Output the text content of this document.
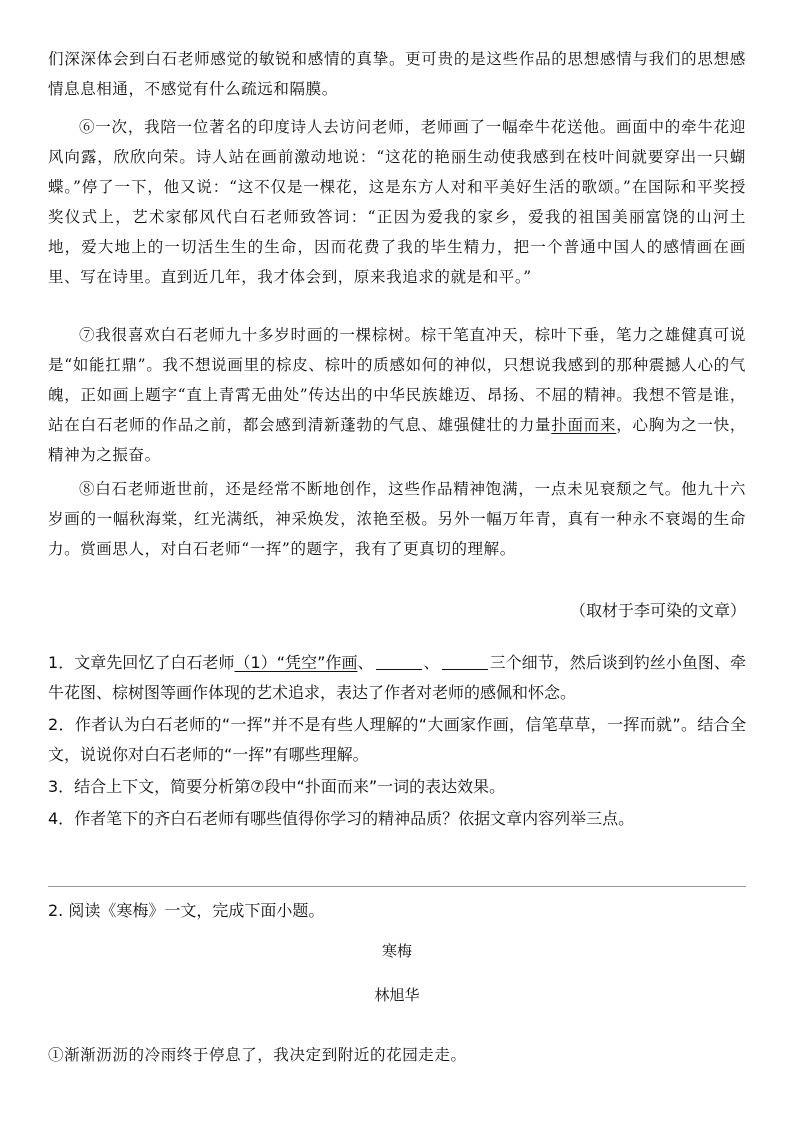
们深深体会到白石老师感觉的敏锐和感情的真挚。更可贵的是这些作品的思想感情与我们的思想感情息息相通，不感觉有什么疏远和隔膜。

⑥一次，我陪一位著名的印度诗人去访问老师，老师画了一幅牵牛花送他。画面中的牵牛花迎风向露，欣欣向荣。诗人站在画前激动地说：“这花的艳丽生动使我感到在枝叶间就要穿出一只蝴蝶。”停了一下，他又说：“这不仅是一棵花，这是东方人对和平美好生活的歌颂。”在国际和平奖授奖仪式上，艺术家郁风代白石老师致答词：“正因为爱我的家乡，爱我的祖国美丽富饶的山河土地，爱大地上的一切活生生的生命，因而花费了我的毕生精力，把一个普通中国人的感情画在画里、写在诗里。直到近几年，我才体会到，原来我追求的就是和平。”

⑦我很喜欢白石老师九十多岁时画的一棵棕树。棕干笔直冲天，棕叶下垂，笔力之雄健真可说是“如能扛鼎”。我不想说画里的棕皮、棕叶的质感如何的神似，只想说我感到的那种震撼人心的气魄，正如画上题字“直上青霄无曲处”传达出的中华民族雄迈、昂扬、不屈的精神。我想不管是谁，站在白石老师的作品之前，都会感到清新蓬勃的气息、雄强健壮的力量扑面而来，心胸为之一快，精神为之振奋。

⑧白石老师逝世前，还是经常不断地创作，这些作品精神饱满，一点未见衰颓之气。他九十六岁画的一幅秋海棠，红光满纸，神采焕发，浓艳至极。另外一幅万年青，真有一种永不衰竭的生命力。赏画思人，对白石老师“一挥”的题字，我有了更真切的理解。

（取材于李可染的文章）

1．文章先回忆了白石老师（1）“凭空”作画、	、	三个细节，然后谈到钓丝小鱼图、牵牛花图、棕树图等画作体现的艺术追求，表达了作者对老师的感佩和怀念。

2．作者认为白石老师的“一挥”并不是有些人理解的“大画家作画，信笔草草，一挥而就”。结合全文，说说你对白石老师的“一挥”有哪些理解。

3．结合上下文，简要分析第⑦段中“扑面而来”一词的表达效果。

4．作者笔下的齐白石老师有哪些值得你学习的精神品质？依据文章内容列举三点。

2. 阅读《寒梅》一文，完成下面小题。
寒梅
林旭华

①渐渐沥沥的冷雨终于停息了，我决定到附近的花园走走。
